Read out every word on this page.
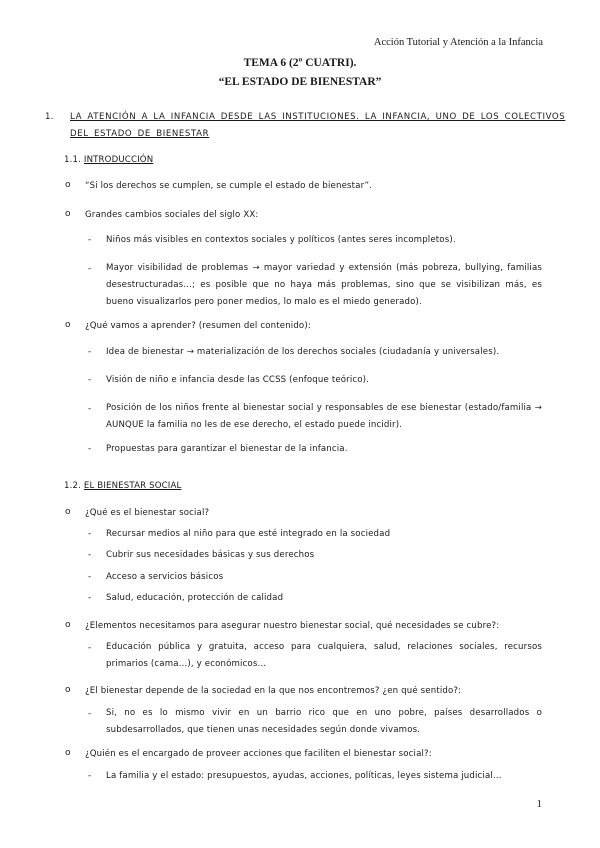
Acción Tutorial y Atención a la Infancia
TEMA 6 (2º CUATRI).
“EL ESTADO DE BIENESTAR”
1. LA ATENCIÓN A LA INFANCIA DESDE LAS INSTITUCIONES. LA INFANCIA, UNO DE LOS COLECTIVOS
DEL ESTADO DE BIENESTAR
1.1. INTRODUCCIÓN
o “Si los derechos se cumplen, se cumple el estado de bienestar”.
o Grandes cambios sociales del siglo XX:
- Niños más visibles en contextos sociales y políticos (antes seres incompletos).
- Mayor visibilidad de problemas → mayor variedad y extensión (más pobreza, bullying, familias desestructuradas…; es posible que no haya más problemas, sino que se visibilizan más, es bueno visualizarlos pero poner medios, lo malo es el miedo generado).
o ¿Qué vamos a aprender? (resumen del contenido):
- Idea de bienestar → materialización de los derechos sociales (ciudadanía y universales).
- Visión de niño e infancia desde las CCSS (enfoque teórico).
- Posición de los niños frente al bienestar social y responsables de ese bienestar (estado/familia → AUNQUE la familia no les de ese derecho, el estado puede incidir).
- Propuestas para garantizar el bienestar de la infancia.
1.2. EL BIENESTAR SOCIAL
o ¿Qué es el bienestar social?
- Recursar medios al niño para que esté integrado en la sociedad
- Cubrir sus necesidades básicas y sus derechos
- Acceso a servicios básicos
- Salud, educación, protección de calidad
o ¿Elementos necesitamos para asegurar nuestro bienestar social, qué necesidades se cubre?:
- Educación pública y gratuita, acceso para cualquiera, salud, relaciones sociales, recursos primarios (cama…), y económicos…
o ¿El bienestar depende de la sociedad en la que nos encontremos? ¿en qué sentido?:
- Si, no es lo mismo vivir en un barrio rico que en uno pobre, países desarrollados o subdesarrollados, que tienen unas necesidades según donde vivamos.
o ¿Quién es el encargado de proveer acciones que faciliten el bienestar social?:
- La familia y el estado: presupuestos, ayudas, acciones, políticas, leyes sistema judicial…
1
